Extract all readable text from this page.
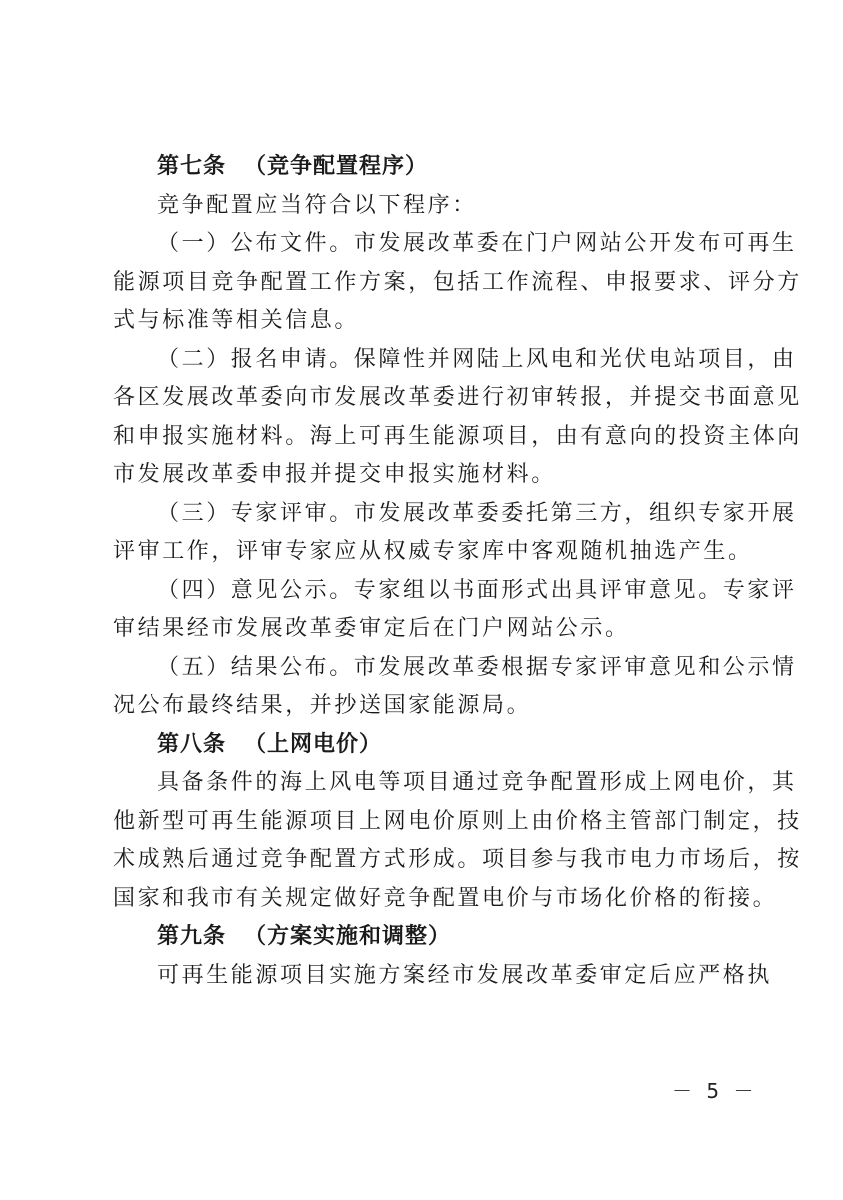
第七条 （竞争配置程序）
竞争配置应当符合以下程序：
（一）公布文件。市发展改革委在门户网站公开发布可再生
能源项目竞争配置工作方案，包括工作流程、申报要求、评分方
式与标准等相关信息。
（二）报名申请。保障性并网陆上风电和光伏电站项目，由
各区发展改革委向市发展改革委进行初审转报，并提交书面意见
和申报实施材料。海上可再生能源项目，由有意向的投资主体向
市发展改革委申报并提交申报实施材料。
（三）专家评审。市发展改革委委托第三方，组织专家开展
评审工作，评审专家应从权威专家库中客观随机抽选产生。
（四）意见公示。专家组以书面形式出具评审意见。专家评
审结果经市发展改革委审定后在门户网站公示。
（五）结果公布。市发展改革委根据专家评审意见和公示情
况公布最终结果，并抄送国家能源局。
第八条 （上网电价）
具备条件的海上风电等项目通过竞争配置形成上网电价，其
他新型可再生能源项目上网电价原则上由价格主管部门制定，技
术成熟后通过竞争配置方式形成。项目参与我市电力市场后，按
国家和我市有关规定做好竞争配置电价与市场化价格的衔接。
第九条 （方案实施和调整）
可再生能源项目实施方案经市发展改革委审定后应严格执
－ 5 －
